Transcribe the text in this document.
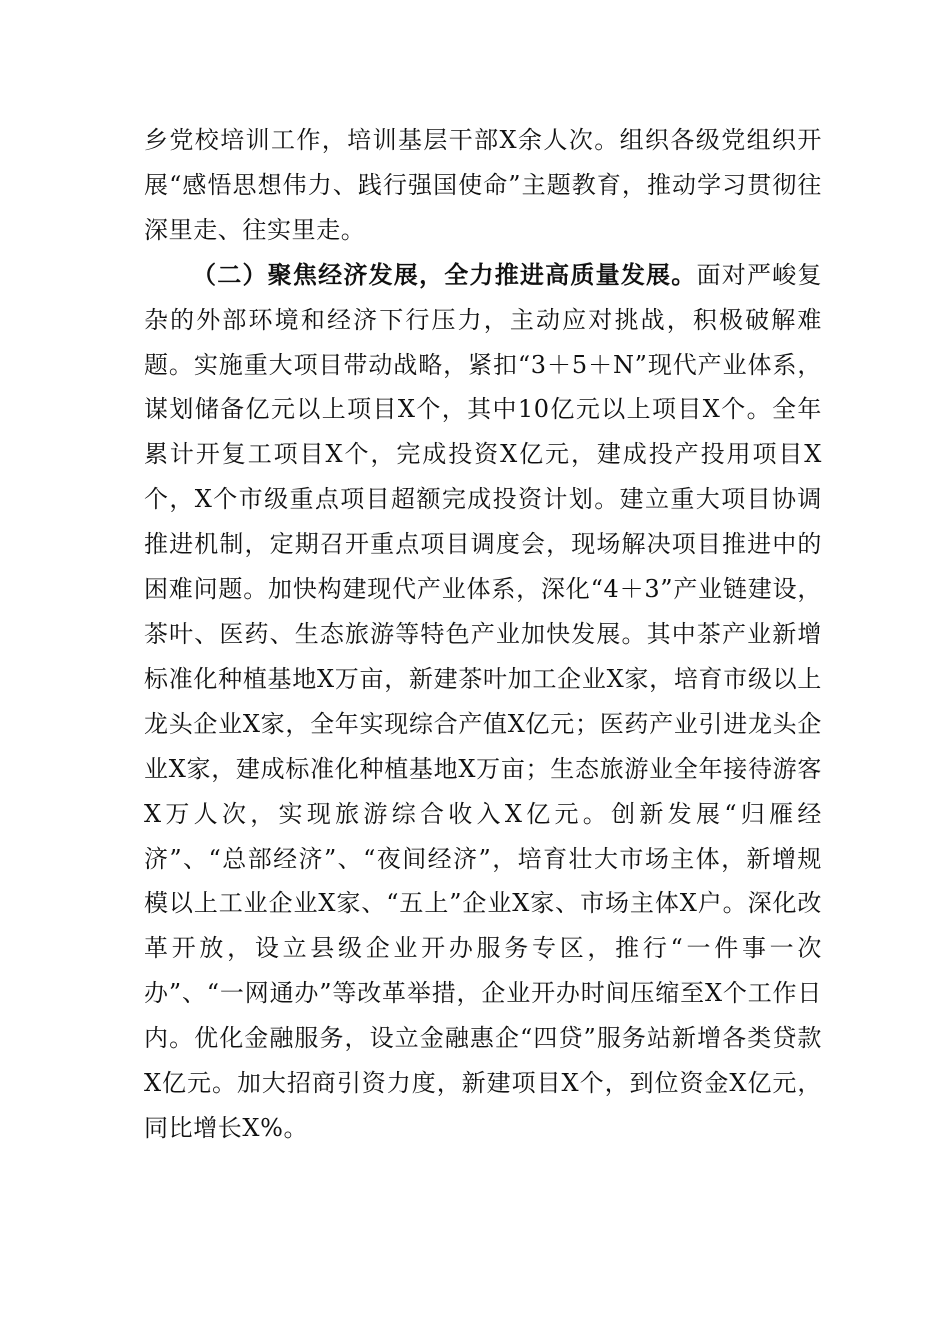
乡党校培训工作，培训基层干部X余人次。组织各级党组织开展“感悟思想伟力、践行强国使命”主题教育，推动学习贯彻往深里走、往实里走。

（二）聚焦经济发展，全力推进高质量发展。面对严峻复杂的外部环境和经济下行压力，主动应对挑战，积极破解难题。实施重大项目带动战略，紧扣“3＋5＋N”现代产业体系，谋划储备亿元以上项目X个，其中10亿元以上项目X个。全年累计开复工项目X个，完成投资X亿元，建成投产投用项目X个，X个市级重点项目超额完成投资计划。建立重大项目协调推进机制，定期召开重点项目调度会，现场解决项目推进中的困难问题。加快构建现代产业体系，深化“4＋3”产业链建设，茶叶、医药、生态旅游等特色产业加快发展。其中茶产业新增标准化种植基地X万亩，新建茶叶加工企业X家，培育市级以上龙头企业X家，全年实现综合产值X亿元；医药产业引进龙头企业X家，建成标准化种植基地X万亩；生态旅游业全年接待游客X万人次，实现旅游综合收入X亿元。创新发展“归雁经济”、“总部经济”、“夜间经济”，培育壮大市场主体，新增规模以上工业企业X家、“五上”企业X家、市场主体X户。深化改革开放，设立县级企业开办服务专区，推行“一件事一次办”、“一网通办”等改革举措，企业开办时间压缩至X个工作日内。优化金融服务，设立金融惠企“四贷”服务站新增各类贷款X亿元。加大招商引资力度，新建项目X个，到位资金X亿元，同比增长X%。
